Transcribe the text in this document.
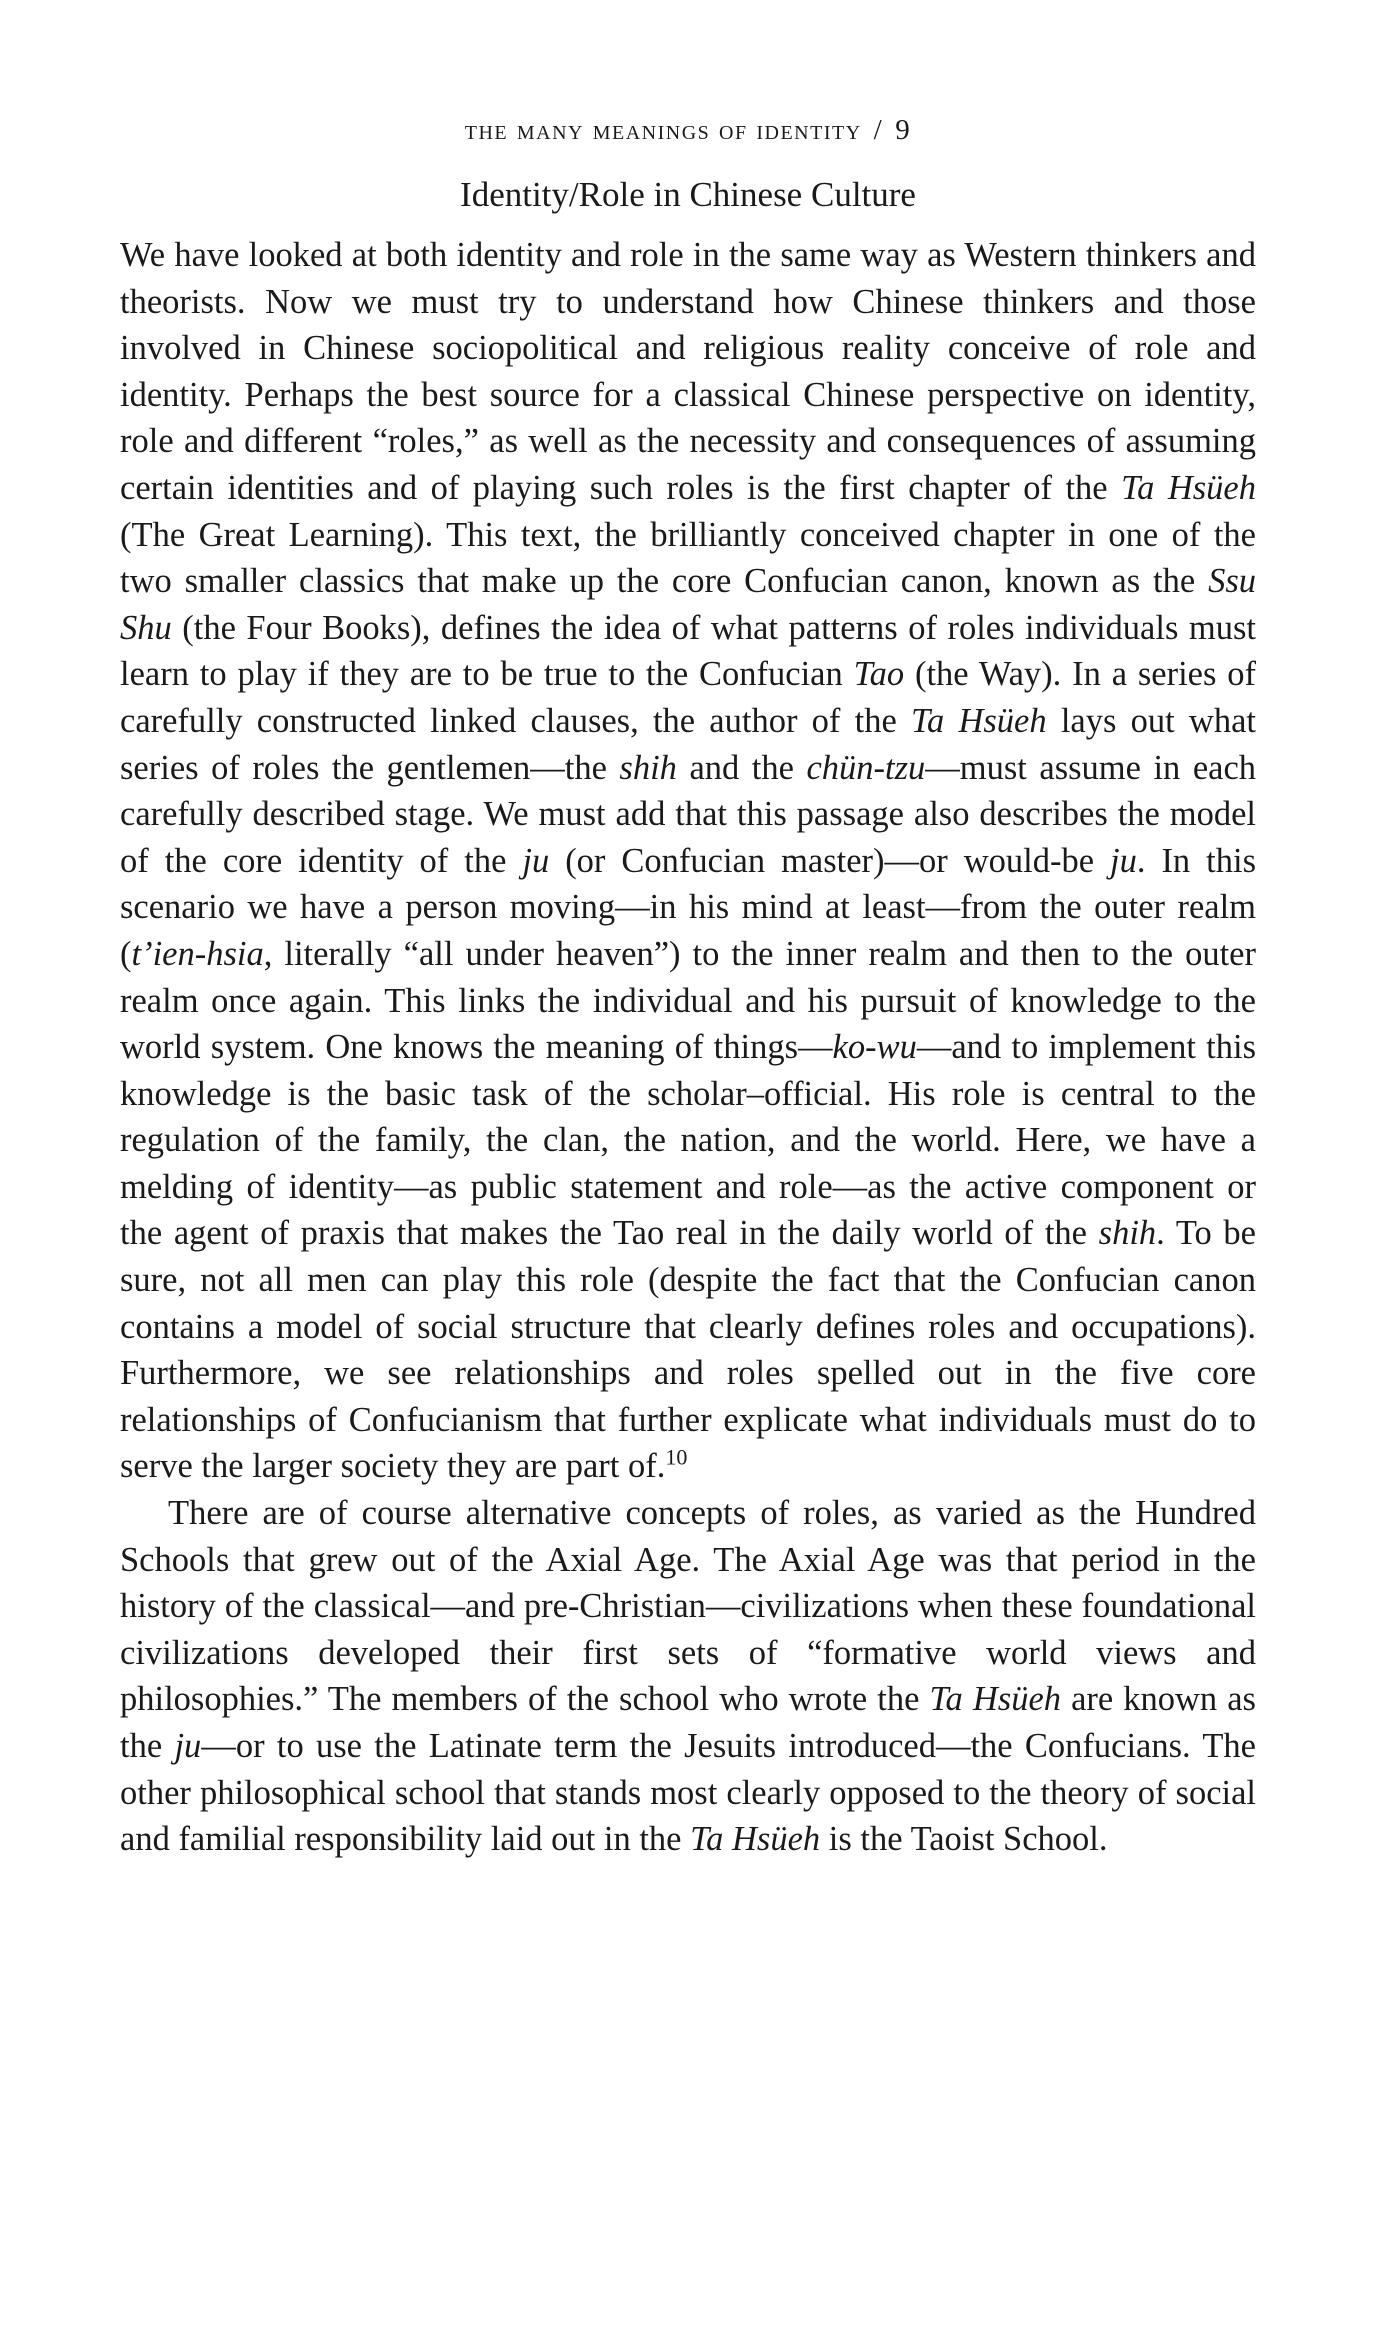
the many meanings of identity / 9
Identity/Role in Chinese Culture

We have looked at both identity and role in the same way as Western thinkers and theorists. Now we must try to understand how Chinese thinkers and those involved in Chinese sociopolitical and religious reality conceive of role and identity. Perhaps the best source for a classical Chinese perspective on identity, role and different “roles,” as well as the necessity and consequences of assuming certain identities and of playing such roles is the first chapter of the Ta Hsüeh (The Great Learning). This text, the brilliantly conceived chapter in one of the two smaller classics that make up the core Confucian canon, known as the Ssu Shu (the Four Books), defines the idea of what patterns of roles individuals must learn to play if they are to be true to the Confucian Tao (the Way). In a series of carefully constructed linked clauses, the author of the Ta Hsüeh lays out what series of roles the gentlemen—the shih and the chün-tzu—must assume in each carefully described stage. We must add that this passage also describes the model of the core identity of the ju (or Confucian master)—or would-be ju. In this scenario we have a person moving—in his mind at least—from the outer realm (t’ien-hsia, literally “all under heaven”) to the inner realm and then to the outer realm once again. This links the individual and his pursuit of knowledge to the world system. One knows the meaning of things—ko-wu—and to implement this knowledge is the basic task of the scholar–official. His role is central to the regulation of the family, the clan, the nation, and the world. Here, we have a melding of identity—as public statement and role—as the active component or the agent of praxis that makes the Tao real in the daily world of the shih. To be sure, not all men can play this role (despite the fact that the Confucian canon contains a model of social structure that clearly defines roles and occupations). Furthermore, we see relationships and roles spelled out in the five core relationships of Confucianism that further explicate what individuals must do to serve the larger society they are part of.$^{10}$

There are of course alternative concepts of roles, as varied as the Hundred Schools that grew out of the Axial Age. The Axial Age was that period in the history of the classical—and pre-Christian—civilizations when these foundational civilizations developed their first sets of “formative world views and philosophies.” The members of the school who wrote the Ta Hsüeh are known as the ju—or to use the Latinate term the Jesuits introduced—the Confucians. The other philosophical school that stands most clearly opposed to the theory of social and familial responsibility laid out in the Ta Hsüeh is the Taoist School.
